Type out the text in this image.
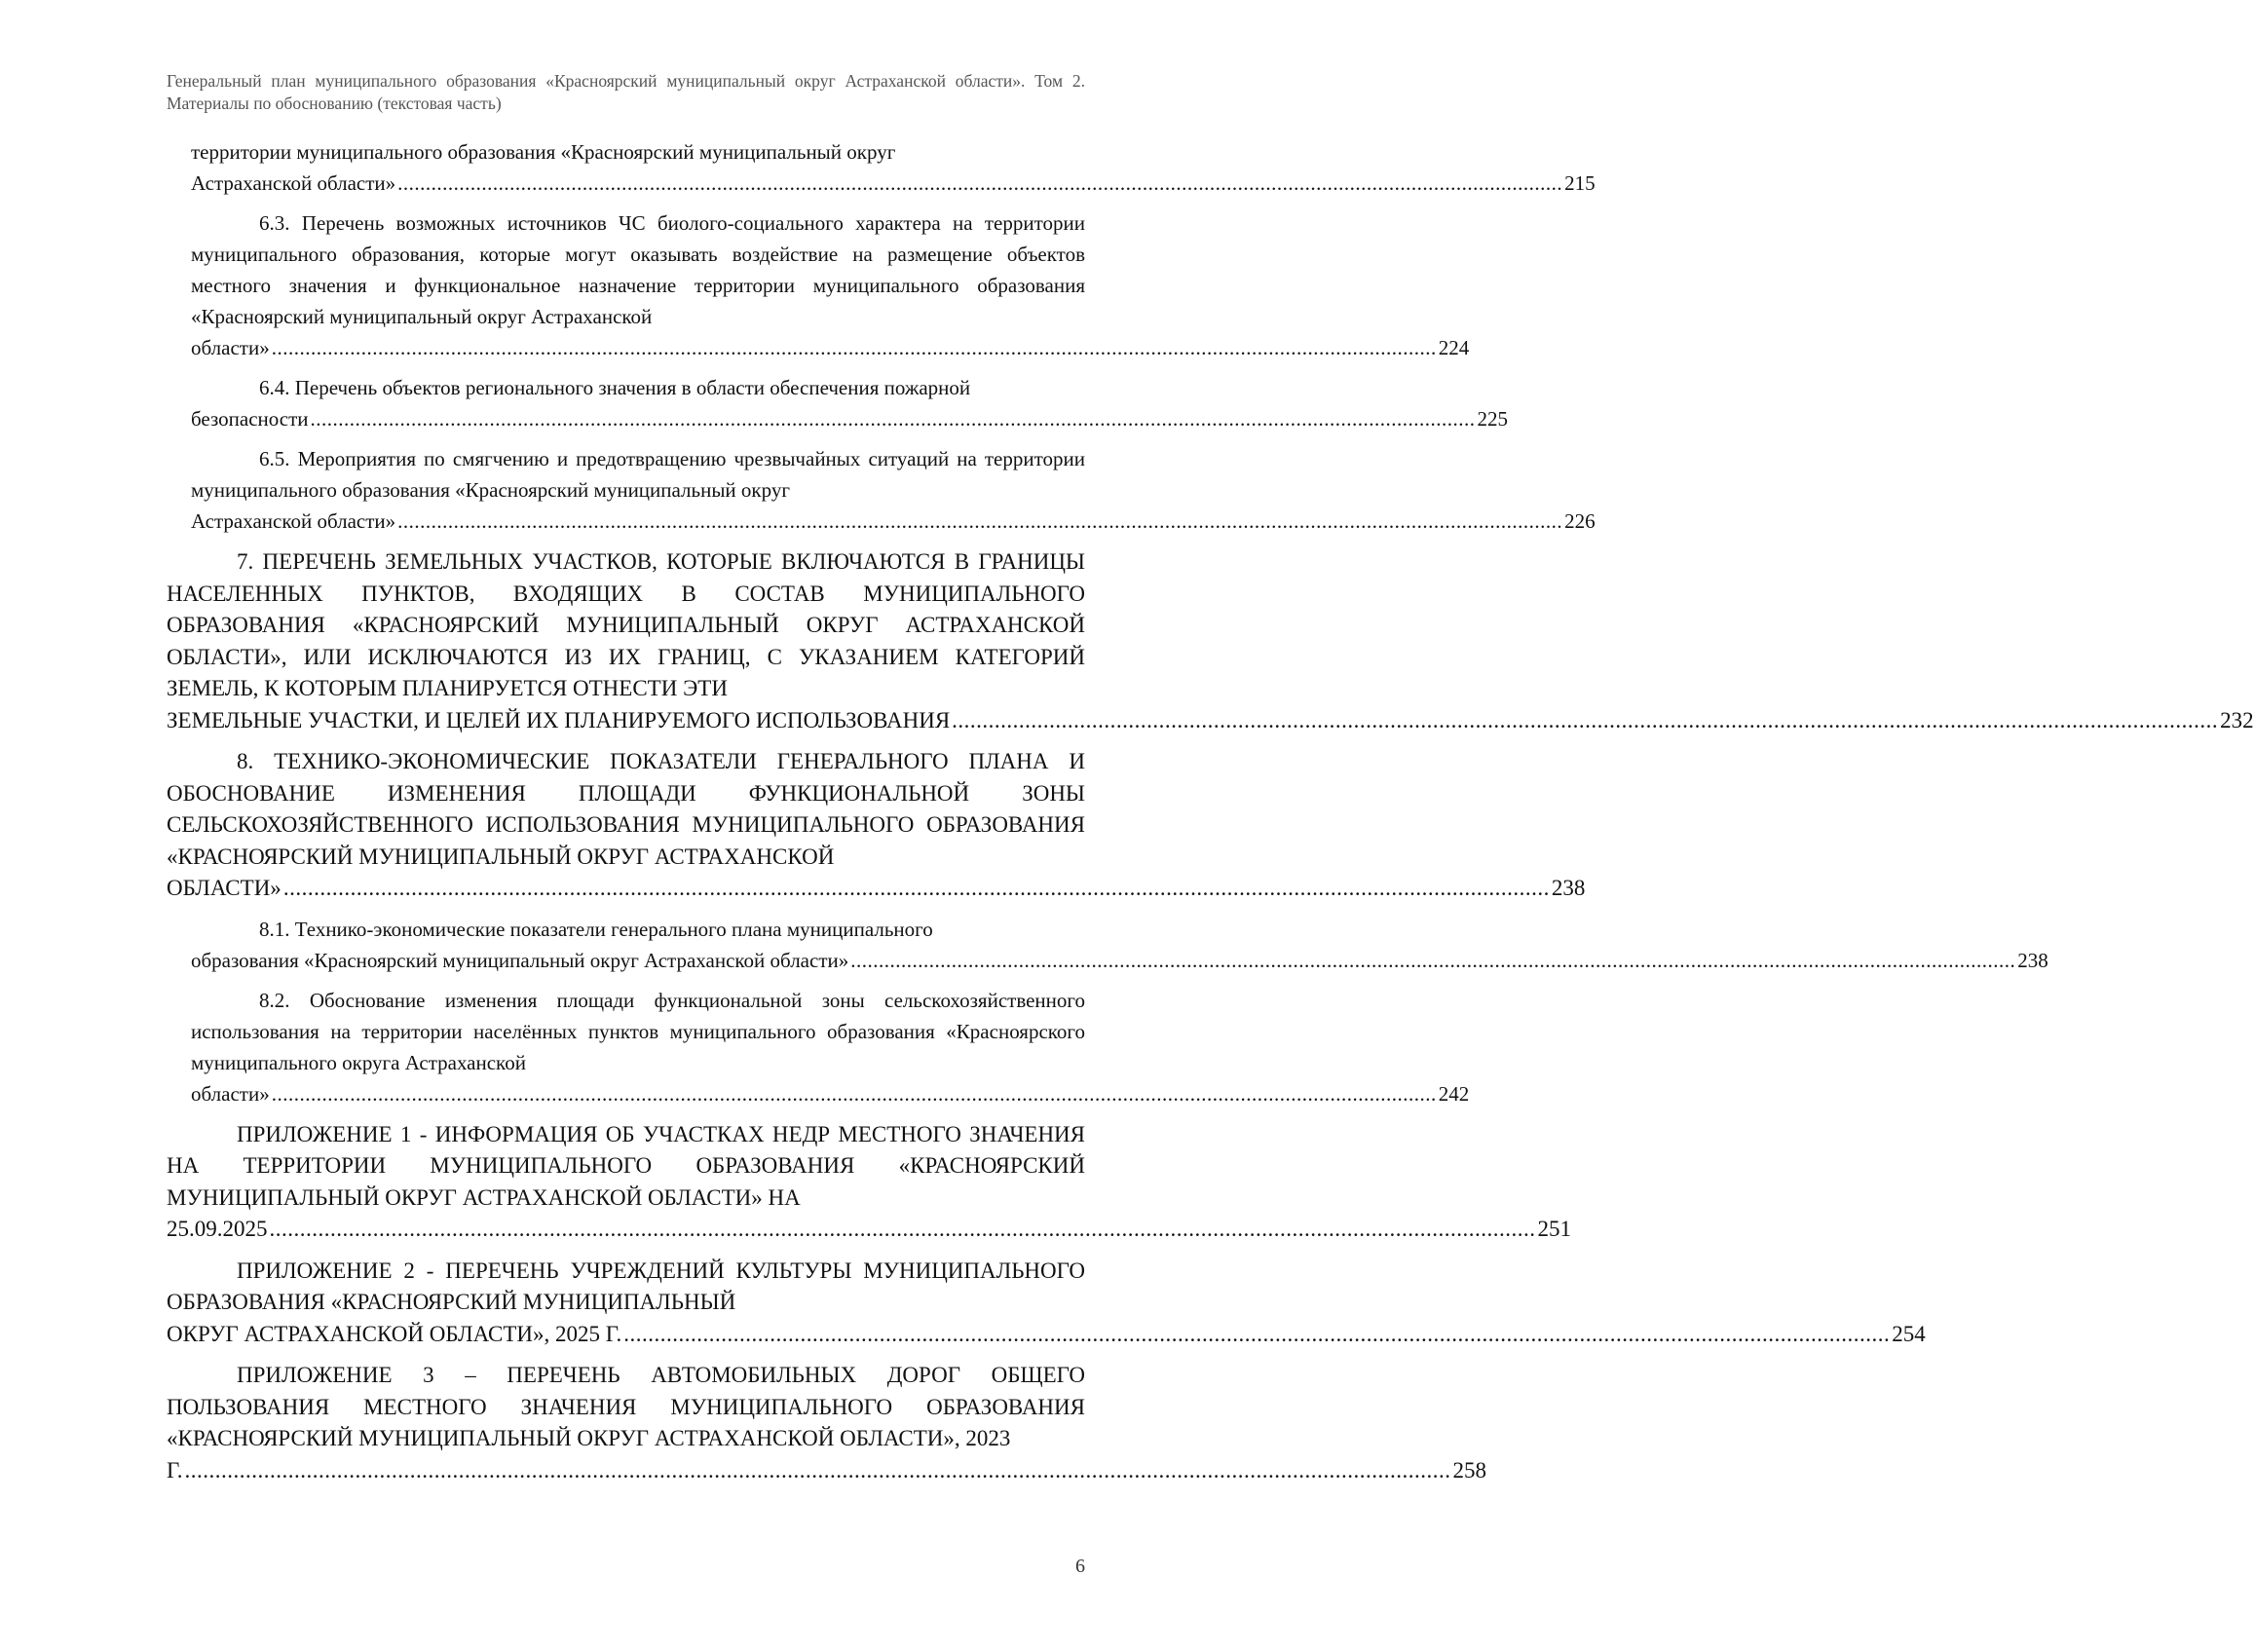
Генеральный план муниципального образования «Красноярский муниципальный округ Астраханской области». Том 2. Материалы по обоснованию (текстовая часть)
территории муниципального образования «Красноярский муниципальный округ
Астраханской области» .....	215
6.3. Перечень возможных источников ЧС биолого-социального характера на территории муниципального образования, которые могут оказывать воздействие на размещение объектов местного значения и функциональное назначение территории муниципального образования «Красноярский муниципальный округ Астраханской
области» .....	224
6.4. Перечень объектов регионального значения в области обеспечения пожарной
безопасности .....	225
6.5. Мероприятия по смягчению и предотвращению чрезвычайных ситуаций на территории муниципального образования «Красноярский муниципальный округ
Астраханской области» .....	226
7. ПЕРЕЧЕНЬ ЗЕМЕЛЬНЫХ УЧАСТКОВ, КОТОРЫЕ ВКЛЮЧАЮТСЯ В ГРАНИЦЫ НАСЕЛЕННЫХ ПУНКТОВ, ВХОДЯЩИХ В СОСТАВ МУНИЦИПАЛЬНОГО ОБРАЗОВАНИЯ «КРАСНОЯРСКИЙ МУНИЦИПАЛЬНЫЙ ОКРУГ АСТРАХАНСКОЙ ОБЛАСТИ», ИЛИ ИСКЛЮЧАЮТСЯ ИЗ ИХ ГРАНИЦ, С УКАЗАНИЕМ КАТЕГОРИЙ ЗЕМЕЛЬ, К КОТОРЫМ ПЛАНИРУЕТСЯ ОТНЕСТИ ЭТИ
ЗЕМЕЛЬНЫЕ УЧАСТКИ, И ЦЕЛЕЙ ИХ ПЛАНИРУЕМОГО ИСПОЛЬЗОВАНИЯ .....	232
8. ТЕХНИКО-ЭКОНОМИЧЕСКИЕ ПОКАЗАТЕЛИ ГЕНЕРАЛЬНОГО ПЛАНА И ОБОСНОВАНИЕ ИЗМЕНЕНИЯ ПЛОЩАДИ ФУНКЦИОНАЛЬНОЙ ЗОНЫ СЕЛЬСКОХОЗЯЙСТВЕННОГО ИСПОЛЬЗОВАНИЯ МУНИЦИПАЛЬНОГО ОБРАЗОВАНИЯ «КРАСНОЯРСКИЙ МУНИЦИПАЛЬНЫЙ ОКРУГ АСТРАХАНСКОЙ
ОБЛАСТИ» .....	238
8.1. Технико-экономические показатели генерального плана муниципального
образования «Красноярский муниципальный округ Астраханской области» .....	238
8.2. Обоснование изменения площади функциональной зоны сельскохозяйственного использования на территории населённых пунктов муниципального образования «Красноярского муниципального округа Астраханской
области» .....	242
ПРИЛОЖЕНИЕ 1 - ИНФОРМАЦИЯ ОБ УЧАСТКАХ НЕДР МЕСТНОГО ЗНАЧЕНИЯ НА ТЕРРИТОРИИ МУНИЦИПАЛЬНОГО ОБРАЗОВАНИЯ «КРАСНОЯРСКИЙ МУНИЦИПАЛЬНЫЙ ОКРУГ АСТРАХАНСКОЙ ОБЛАСТИ» НА
25.09.2025 .....	251
ПРИЛОЖЕНИЕ 2 - ПЕРЕЧЕНЬ УЧРЕЖДЕНИЙ КУЛЬТУРЫ МУНИЦИПАЛЬНОГО ОБРАЗОВАНИЯ «КРАСНОЯРСКИЙ МУНИЦИПАЛЬНЫЙ
ОКРУГ АСТРАХАНСКОЙ ОБЛАСТИ», 2025 Г. .....	254
ПРИЛОЖЕНИЕ 3 – ПЕРЕЧЕНЬ АВТОМОБИЛЬНЫХ ДОРОГ ОБЩЕГО ПОЛЬЗОВАНИЯ МЕСТНОГО ЗНАЧЕНИЯ МУНИЦИПАЛЬНОГО ОБРАЗОВАНИЯ «КРАСНОЯРСКИЙ МУНИЦИПАЛЬНЫЙ ОКРУГ АСТРАХАНСКОЙ ОБЛАСТИ», 2023
Г. .....	258
6
